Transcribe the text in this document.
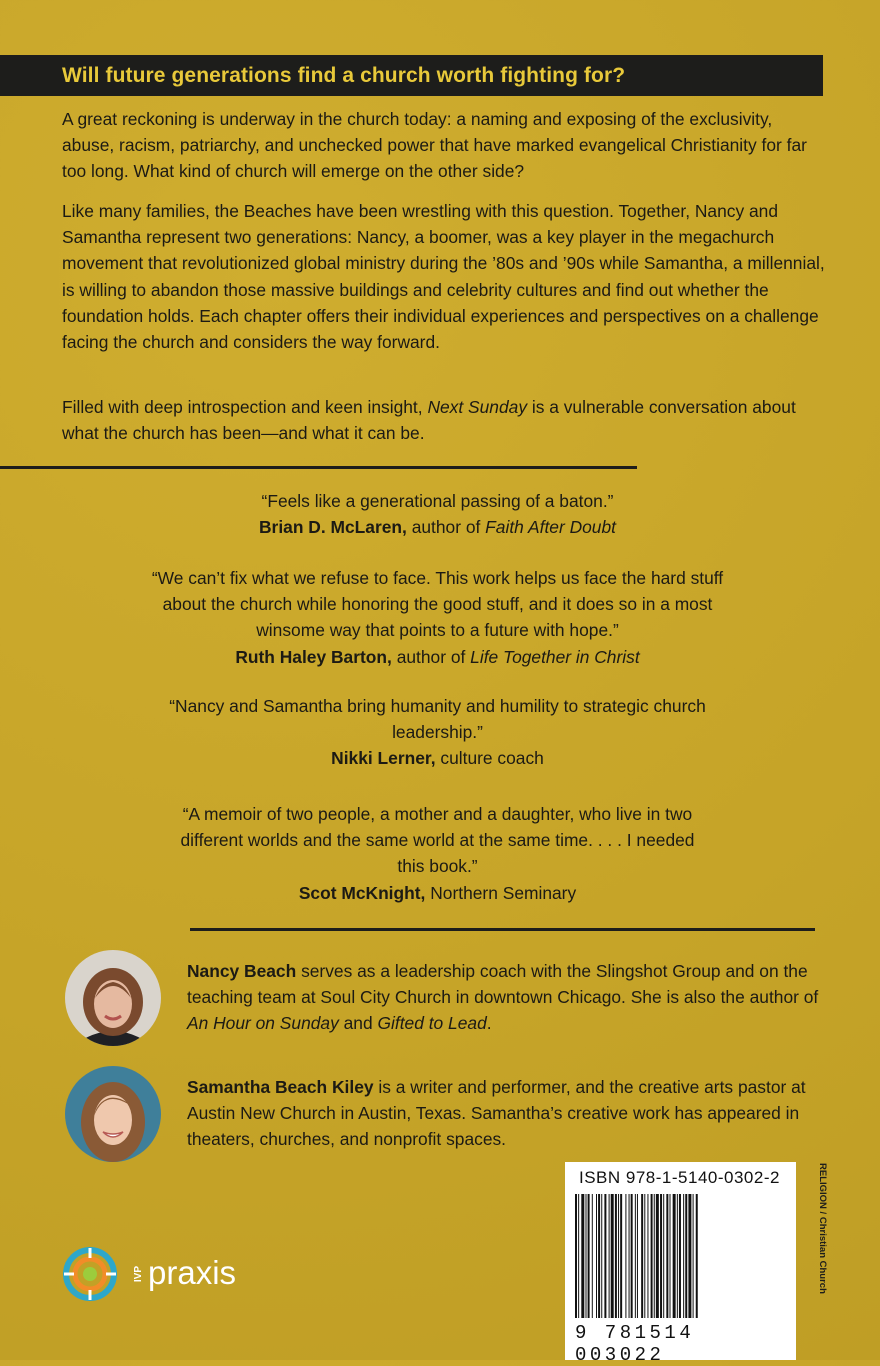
Will future generations find a church worth fighting for?

A great reckoning is underway in the church today: a naming and exposing of the exclusivity, abuse, racism, patriarchy, and unchecked power that have marked evangelical Christianity for far too long. What kind of church will emerge on the other side?

Like many families, the Beaches have been wrestling with this question. Together, Nancy and Samantha represent two generations: Nancy, a boomer, was a key player in the megachurch movement that revolutionized global ministry during the ’80s and ’90s while Samantha, a millennial, is willing to abandon those massive buildings and celebrity cultures and find out whether the foundation holds. Each chapter offers their individual experiences and perspectives on a challenge facing the church and considers the way forward.

Filled with deep introspection and keen insight, Next Sunday is a vulnerable conversation about what the church has been—and what it can be.

“Feels like a generational passing of a baton.”

Brian D. McLaren, author of Faith After Doubt

“We can’t fix what we refuse to face. This work helps us face the hard stuff about the church while honoring the good stuff, and it does so in a most winsome way that points to a future with hope.”

Ruth Haley Barton, author of Life Together in Christ

“Nancy and Samantha bring humanity and humility to strategic church leadership.”

Nikki Lerner, culture coach

“A memoir of two people, a mother and a daughter, who live in two different worlds and the same world at the same time. . . . I needed this book.”

Scot McKnight, Northern Seminary

Nancy Beach serves as a leadership coach with the Slingshot Group and on the teaching team at Soul City Church in downtown Chicago. She is also the author of An Hour on Sunday and Gifted to Lead.

Samantha Beach Kiley is a writer and performer, and the creative arts pastor at Austin New Church in Austin, Texas. Samantha’s creative work has appeared in theaters, churches, and nonprofit spaces.

IVP praxis
ISBN 978-1-5140-0302-2
9 781514 003022
RELIGION / Christian Church
